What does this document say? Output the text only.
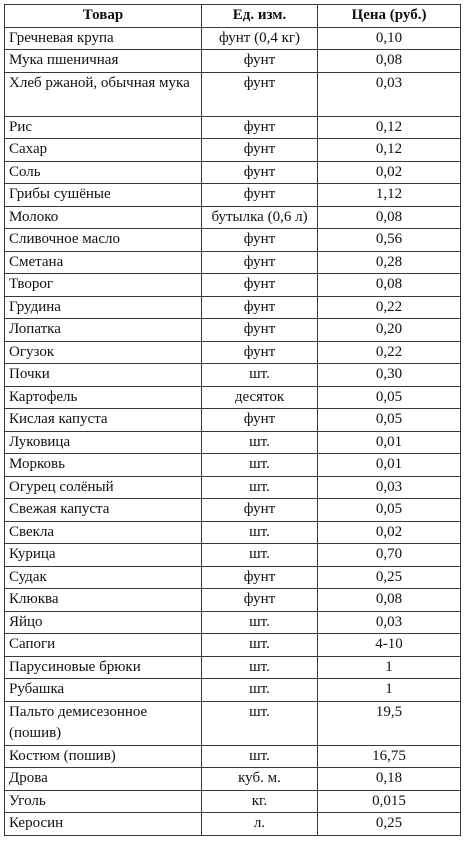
Товар	Ед. изм.	Цена (руб.)
Гречневая крупа	фунт (0,4 кг)	0,10
Мука пшеничная	фунт	0,08
Хлеб ржаной, обычная мука	фунт	0,03
Рис	фунт	0,12
Сахар	фунт	0,12
Соль	фунт	0,02
Грибы сушёные	фунт	1,12
Молоко	бутылка (0,6 л)	0,08
Сливочное масло	фунт	0,56
Сметана	фунт	0,28
Творог	фунт	0,08
Грудина	фунт	0,22
Лопатка	фунт	0,20
Огузок	фунт	0,22
Почки	шт.	0,30
Картофель	десяток	0,05
Кислая капуста	фунт	0,05
Луковица	шт.	0,01
Морковь	шт.	0,01
Огурец солёный	шт.	0,03
Свежая капуста	фунт	0,05
Свекла	шт.	0,02
Курица	шт.	0,70
Судак	фунт	0,25
Клюква	фунт	0,08
Яйцо	шт.	0,03
Сапоги	шт.	4-10
Парусиновые брюки	шт.	1
Рубашка	шт.	1
Пальто демисезонное (пошив)	шт.	19,5
Костюм (пошив)	шт.	16,75
Дрова	куб. м.	0,18
Уголь	кг.	0,015
Керосин	л.	0,25
